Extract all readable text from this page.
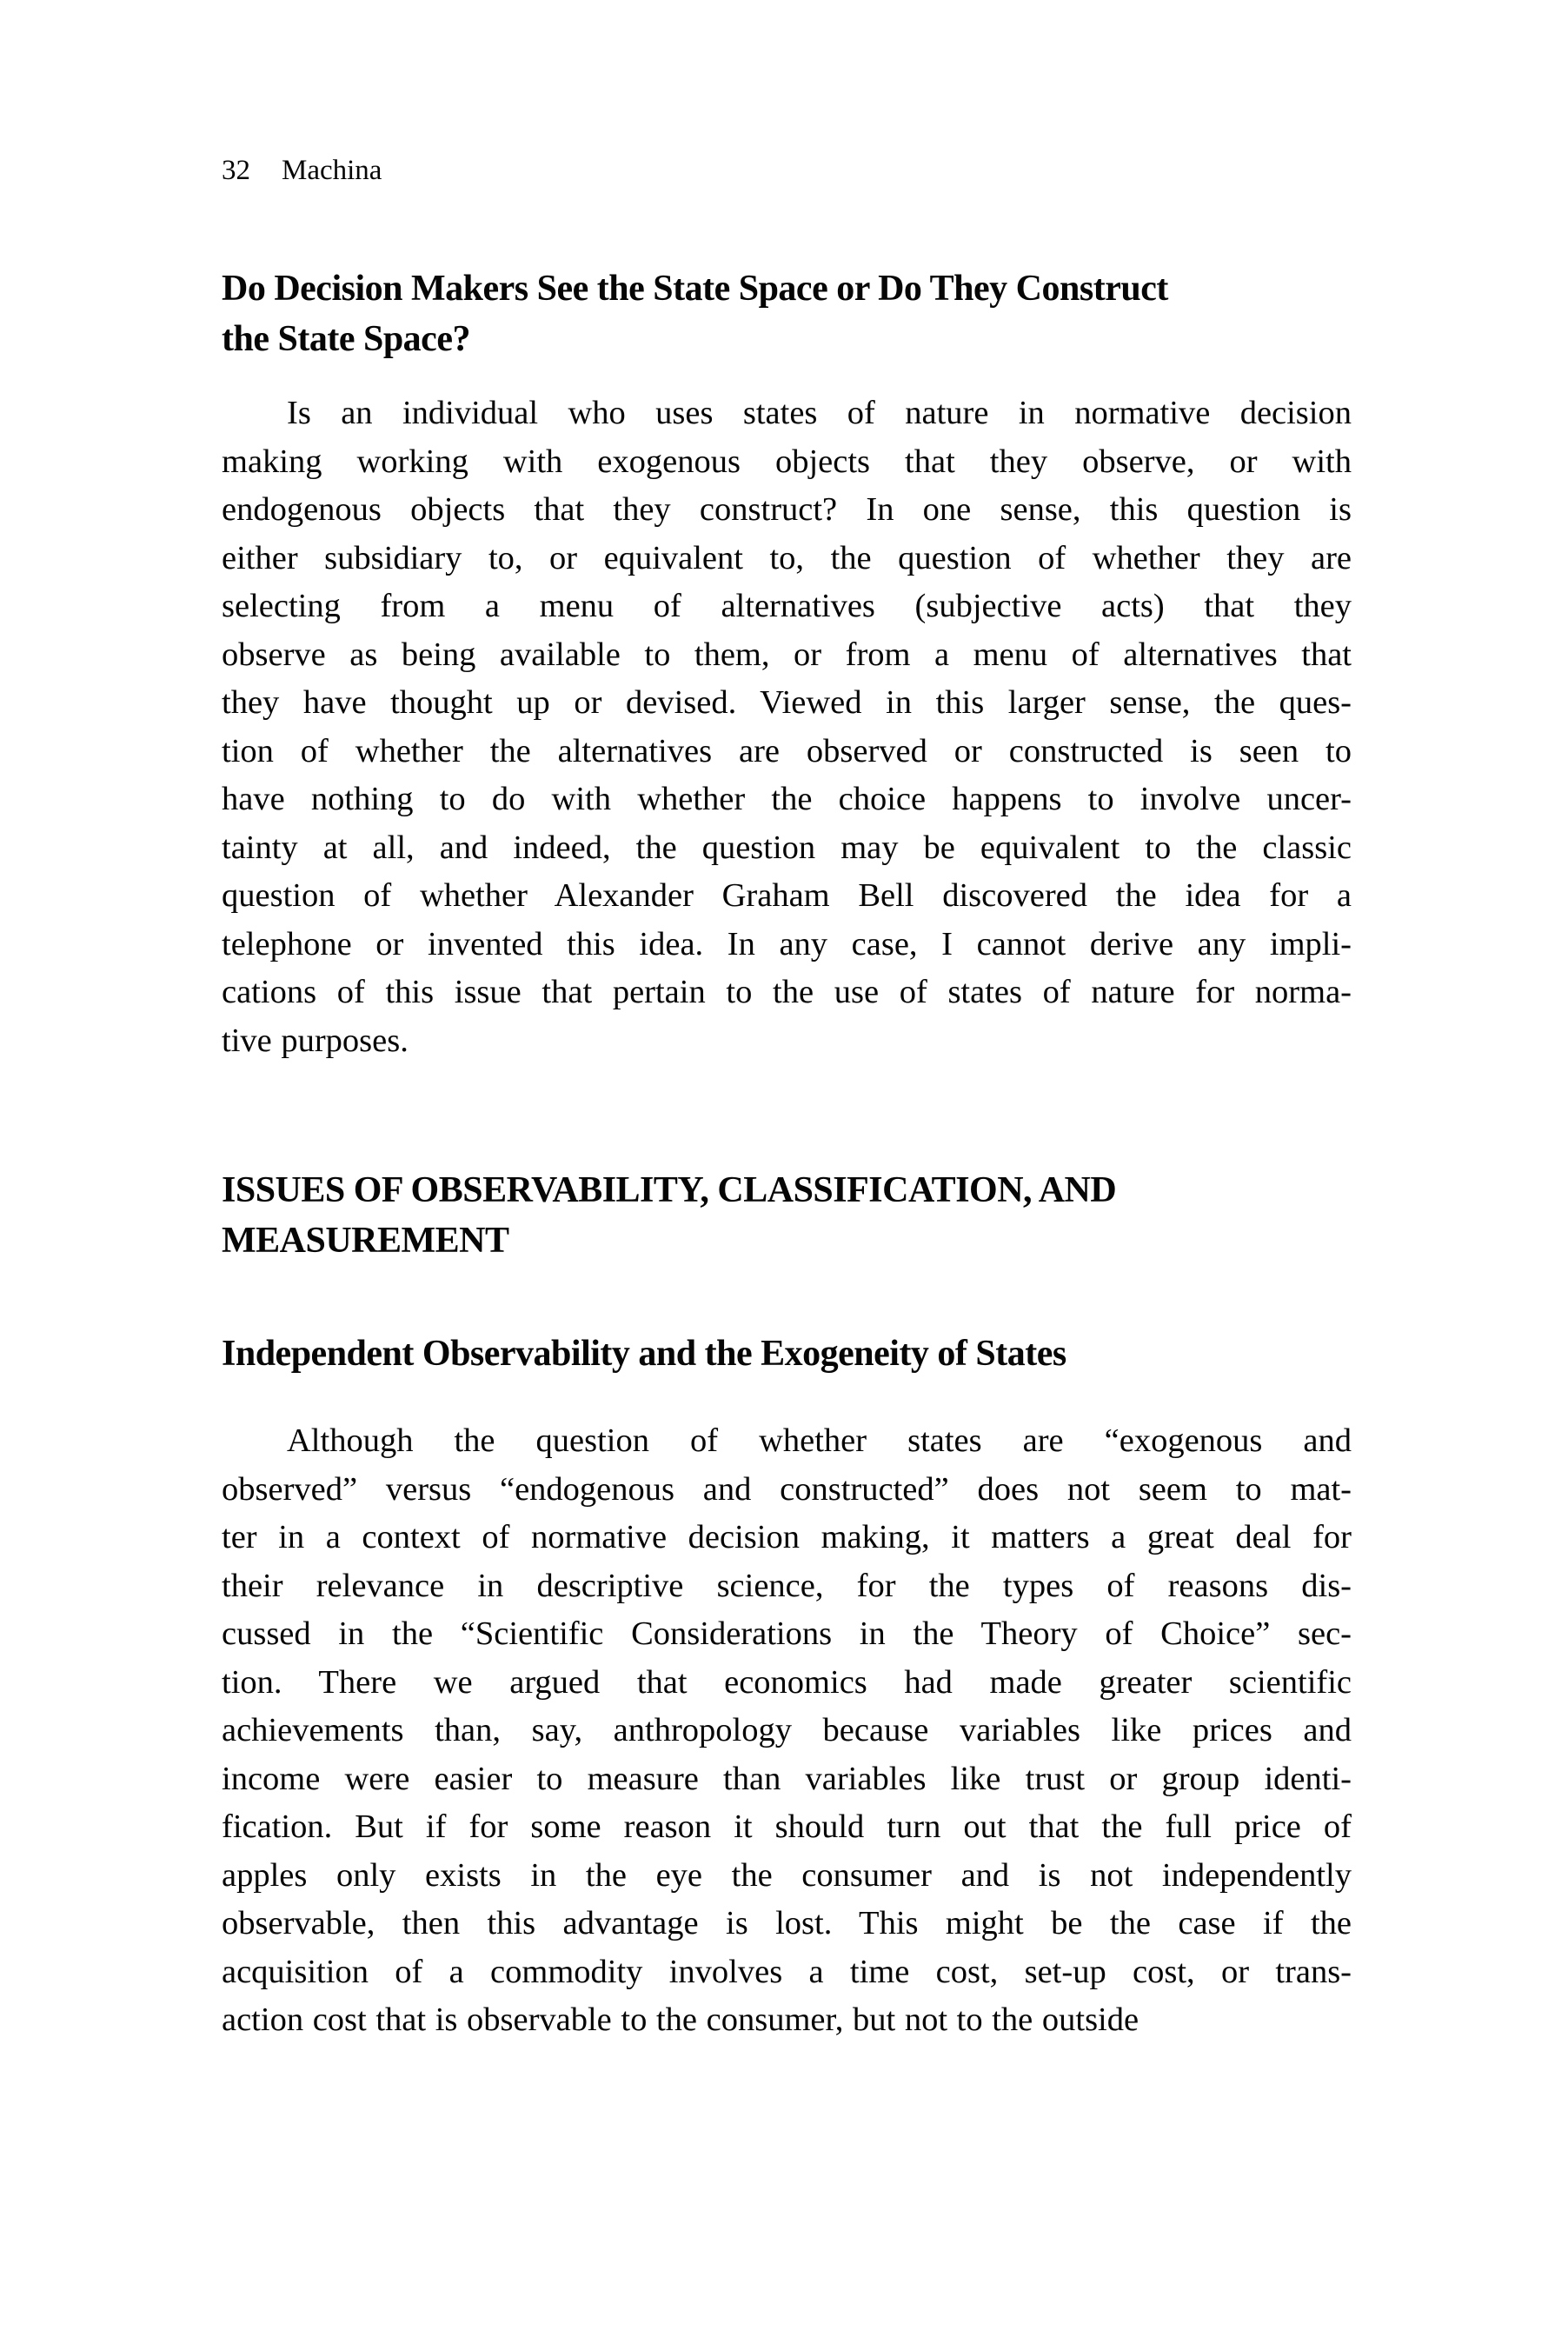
32 Machina
Do Decision Makers See the State Space or Do They Construct
the State Space?
Is an individual who uses states of nature in normative decision
making working with exogenous objects that they observe, or with
endogenous objects that they construct? In one sense, this question is
either subsidiary to, or equivalent to, the question of whether they are
selecting from a menu of alternatives (subjective acts) that they
observe as being available to them, or from a menu of alternatives that
they have thought up or devised. Viewed in this larger sense, the ques-
tion of whether the alternatives are observed or constructed is seen to
have nothing to do with whether the choice happens to involve uncer-
tainty at all, and indeed, the question may be equivalent to the classic
question of whether Alexander Graham Bell discovered the idea for a
telephone or invented this idea. In any case, I cannot derive any impli-
cations of this issue that pertain to the use of states of nature for norma-
tive purposes.
ISSUES OF OBSERVABILITY, CLASSIFICATION, AND
MEASUREMENT
Independent Observability and the Exogeneity of States
Although the question of whether states are “exogenous and
observed” versus “endogenous and constructed” does not seem to mat-
ter in a context of normative decision making, it matters a great deal for
their relevance in descriptive science, for the types of reasons dis-
cussed in the “Scientific Considerations in the Theory of Choice” sec-
tion. There we argued that economics had made greater scientific
achievements than, say, anthropology because variables like prices and
income were easier to measure than variables like trust or group identi-
fication. But if for some reason it should turn out that the full price of
apples only exists in the eye the consumer and is not independently
observable, then this advantage is lost. This might be the case if the
acquisition of a commodity involves a time cost, set-up cost, or trans-
action cost that is observable to the consumer, but not to the outside
